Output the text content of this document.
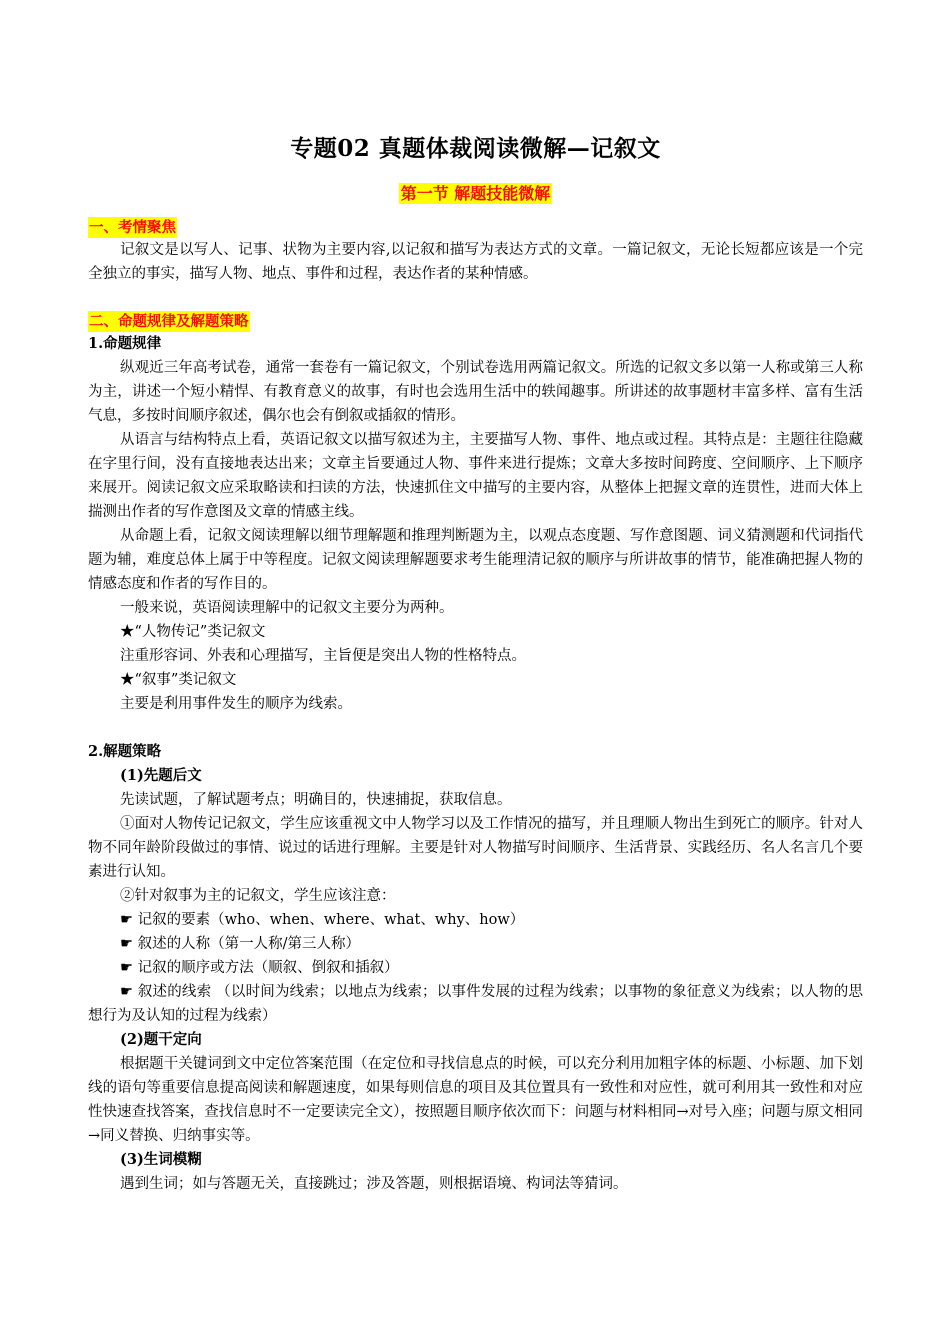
专题02 真题体裁阅读微解—记叙文
第一节 解题技能微解
一、考情聚焦

记叙文是以写人、记事、状物为主要内容,以记叙和描写为表达方式的文章。一篇记叙文，无论长短都应该是一个完全独立的事实，描写人物、地点、事件和过程，表达作者的某种情感。

二、命题规律及解题策略
1.命题规律

纵观近三年高考试卷，通常一套卷有一篇记叙文，个别试卷选用两篇记叙文。所选的记叙文多以第一人称或第三人称为主，讲述一个短小精悍、有教育意义的故事，有时也会选用生活中的轶闻趣事。所讲述的故事题材丰富多样、富有生活气息，多按时间顺序叙述，偶尔也会有倒叙或插叙的情形。

从语言与结构特点上看，英语记叙文以描写叙述为主，主要描写人物、事件、地点或过程。其特点是：主题往往隐藏在字里行间，没有直接地表达出来；文章主旨要通过人物、事件来进行提炼；文章大多按时间跨度、空间顺序、上下顺序来展开。阅读记叙文应采取略读和扫读的方法，快速抓住文中描写的主要内容，从整体上把握文章的连贯性，进而大体上揣测出作者的写作意图及文章的情感主线。

从命题上看，记叙文阅读理解以细节理解题和推理判断题为主，以观点态度题、写作意图题、词义猜测题和代词指代题为辅，难度总体上属于中等程度。记叙文阅读理解题要求考生能理清记叙的顺序与所讲故事的情节，能准确把握人物的情感态度和作者的写作目的。

一般来说，英语阅读理解中的记叙文主要分为两种。

★“人物传记”类记叙文

注重形容词、外表和心理描写，主旨便是突出人物的性格特点。

★“叙事”类记叙文

主要是利用事件发生的顺序为线索。

2.解题策略
(1)先题后文

先读试题，了解试题考点；明确目的，快速捕捉，获取信息。

①面对人物传记记叙文，学生应该重视文中人物学习以及工作情况的描写，并且理顺人物出生到死亡的顺序。针对人物不同年龄阶段做过的事情、说过的话进行理解。主要是针对人物描写时间顺序、生活背景、实践经历、名人名言几个要素进行认知。

②针对叙事为主的记叙文，学生应该注意：

☛ 记叙的要素（who、when、where、what、why、how）

☛ 叙述的人称（第一人称/第三人称）

☛ 记叙的顺序或方法（顺叙、倒叙和插叙）

☛ 叙述的线索 （以时间为线索；以地点为线索；以事件发展的过程为线索；以事物的象征意义为线索；以人物的思想行为及认知的过程为线索）

(2)题干定向

根据题干关键词到文中定位答案范围（在定位和寻找信息点的时候，可以充分利用加粗字体的标题、小标题、加下划线的语句等重要信息提高阅读和解题速度，如果每则信息的项目及其位置具有一致性和对应性，就可利用其一致性和对应性快速查找答案，查找信息时不一定要读完全文），按照题目顺序依次而下：问题与材料相同→对号入座；问题与原文相同→同义替换、归纳事实等。

(3)生词模糊

遇到生词；如与答题无关，直接跳过；涉及答题，则根据语境、构词法等猜词。
